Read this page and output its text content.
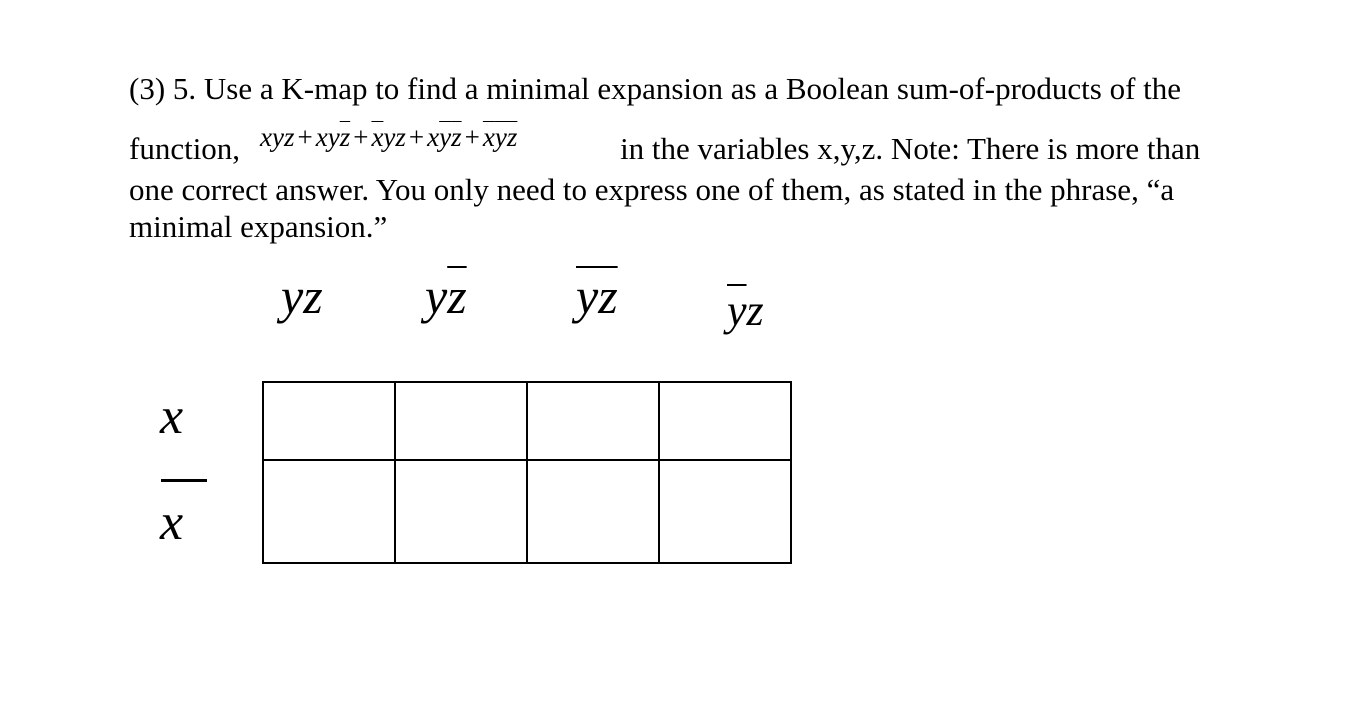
(3) 5. Use a K-map to find a minimal expansion as a Boolean sum-of-products of the
function,	in the variables x,y,z. Note: There is more than
xyz + $xy\overline{z} + \overline{x}yz + x\overline{y}\overline{z} + \overline{x}\overline{yz}$
one correct answer. You only need to express one of them, as stated in the phrase, “a
minimal expansion.”
yz $y\overline{z}$ $\overline{yz}$ $\overline{y}z$
x
x
